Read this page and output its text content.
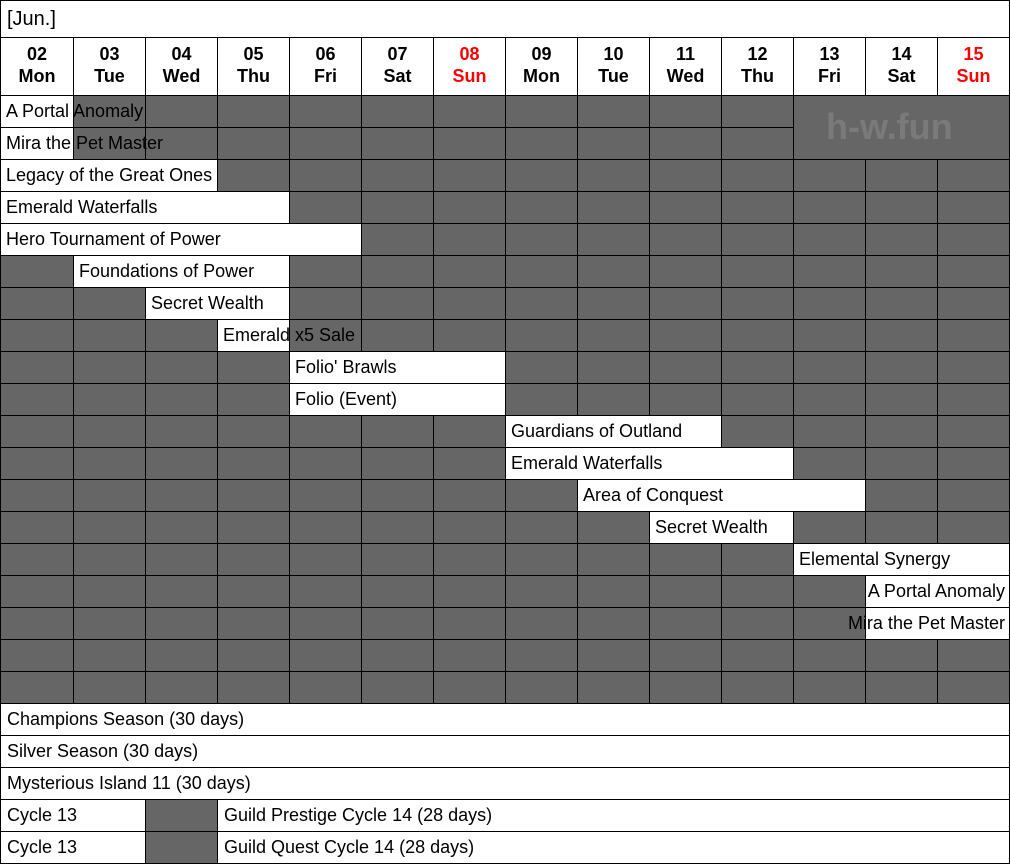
[Jun.]
02
Mon
03
Tue
04
Wed
05
Thu
06
Fri
07
Sat
08
Sun
09
Mon
10
Tue
11
Wed
12
Thu
13
Fri
14
Sat
15
Sun
h-w.fun
A Portal Anomaly
Mira the Pet Master
Legacy of the Great Ones
Emerald Waterfalls
Hero Tournament of Power
Foundations of Power
Secret Wealth
Emerald x5 Sale
Folio' Brawls
Folio (Event)
Guardians of Outland
Emerald Waterfalls
Area of Conquest
Secret Wealth
Elemental Synergy
A Portal Anomaly
Mira the Pet Master
Champions Season (30 days)
Silver Season (30 days)
Mysterious Island 11 (30 days)
Cycle 13	Guild Prestige Cycle 14 (28 days)
Cycle 13	Guild Quest Cycle 14 (28 days)
